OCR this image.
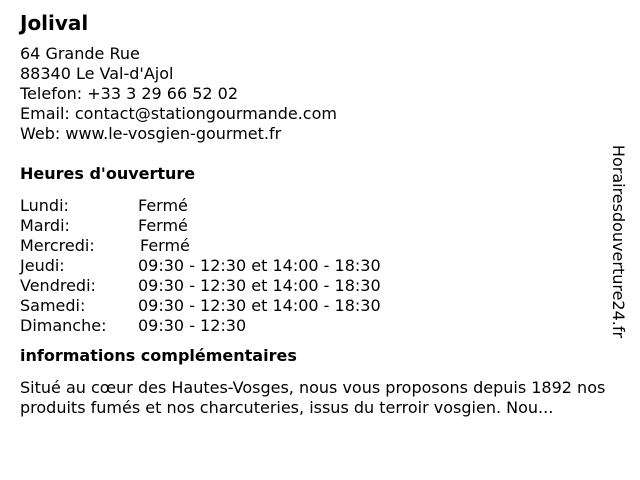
Jolival
64 Grande Rue
88340 Le Val-d'Ajol
Telefon: +33 3 29 66 52 02
Email: contact@stationgourmande.com
Web: www.le-vosgien-gourmet.fr
Heures d'ouverture
Lundi:	Fermé
Mardi:	Fermé
Mercredi:	Fermé
Jeudi:	09:30 - 12:30 et 14:00 - 18:30
Vendredi:	09:30 - 12:30 et 14:00 - 18:30
Samedi:	09:30 - 12:30 et 14:00 - 18:30
Dimanche:	09:30 - 12:30
informations complémentaires
Situé au cœur des Hautes-Vosges, nous vous proposons depuis 1892 nos produits fumés et nos charcuteries, issus du terroir vosgien. Nou...
Horairesdouverture24.fr
